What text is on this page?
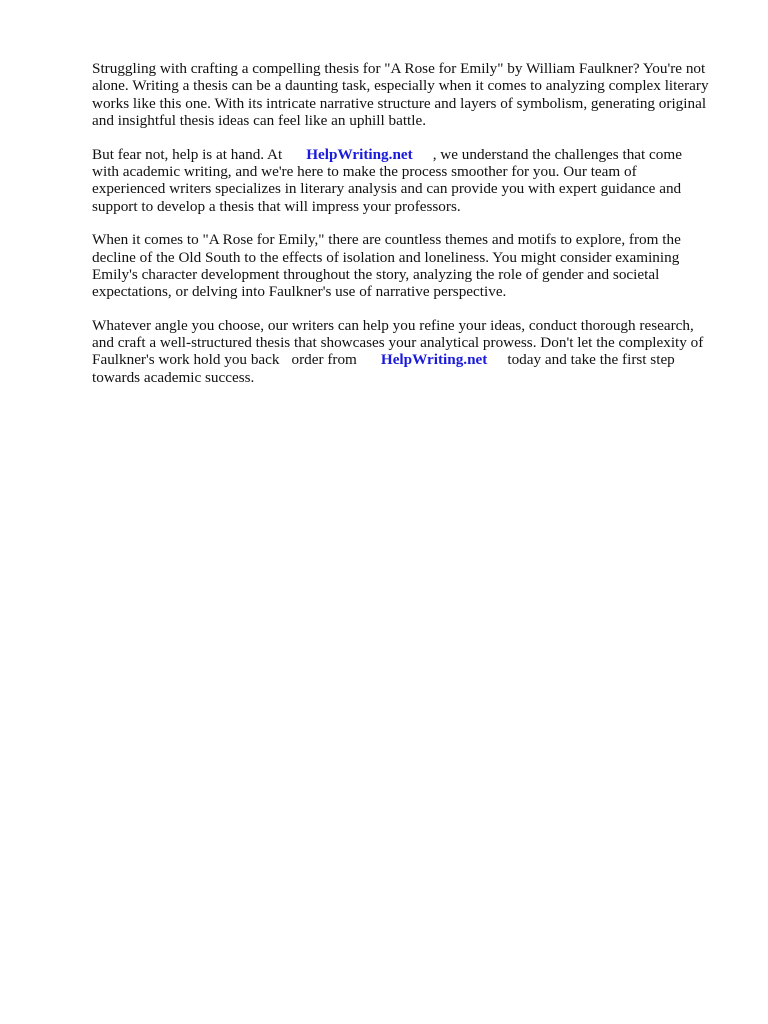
Struggling with crafting a compelling thesis for "A Rose for Emily" by William Faulkner? You're not
alone. Writing a thesis can be a daunting task, especially when it comes to analyzing complex literary
works like this one. With its intricate narrative structure and layers of symbolism, generating original
and insightful thesis ideas can feel like an uphill battle.

But fear not, help is at hand. At HelpWriting.net , we understand the challenges that come
with academic writing, and we're here to make the process smoother for you. Our team of
experienced writers specializes in literary analysis and can provide you with expert guidance and
support to develop a thesis that will impress your professors.

When it comes to "A Rose for Emily," there are countless themes and motifs to explore, from the
decline of the Old South to the effects of isolation and loneliness. You might consider examining
Emily's character development throughout the story, analyzing the role of gender and societal
expectations, or delving into Faulkner's use of narrative perspective.

Whatever angle you choose, our writers can help you refine your ideas, conduct thorough research,
and craft a well-structured thesis that showcases your analytical prowess. Don't let the complexity of
Faulkner's work hold you back order from HelpWriting.net today and take the first step
towards academic success.
